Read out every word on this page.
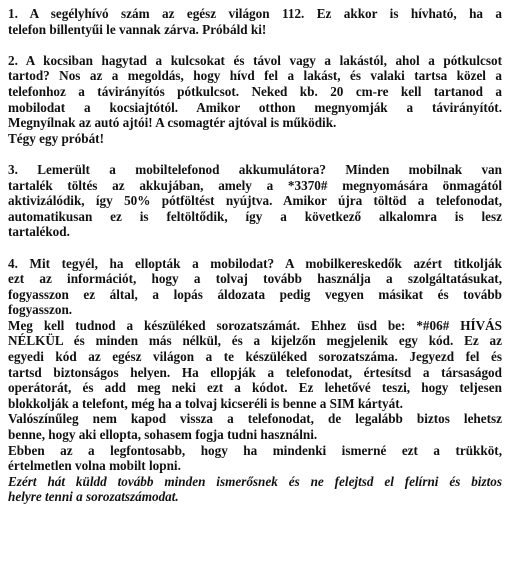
1. A segélyhívó szám az egész világon 112. Ez akkor is hívható, ha a
telefon billentyűi le vannak zárva. Próbáld ki!
2. A kocsiban hagytad a kulcsokat és távol vagy a lakástól, ahol a pótkulcsot
tartod? Nos az a megoldás, hogy hívd fel a lakást, és valaki tartsa közel a
telefonhoz a távirányítós pótkulcsot. Neked kb. 20 cm-re kell tartanod a
mobilodat a kocsiajtótól. Amikor otthon megnyomják a távirányítót.
Megnyílnak az autó ajtói! A csomagtér ajtóval is működik.
Tégy egy próbát!
3. Lemerült a mobiltelefonod akkumulátora? Minden mobilnak van
tartalék töltés az akkujában, amely a *3370# megnyomására önmagától
aktivizálódik, így 50% pótföltést nyújtva. Amikor újra töltöd a telefonodat,
automatikusan ez is feltöltődik, így a következő alkalomra is lesz
tartalékod.
4. Mit tegyél, ha ellopták a mobilodat? A mobilkereskedők azért titkolják
ezt az információt, hogy a tolvaj tovább használja a szolgáltatásukat,
fogyasszon ez által, a lopás áldozata pedig vegyen másikat és tovább
fogyasszon.
Meg kell tudnod a készüléked sorozatszámát. Ehhez üsd be: *#06# HÍVÁS
NÉLKÜL és minden más nélkül, és a kijelzőn megjelenik egy kód. Ez az
egyedi kód az egész világon a te készüléked sorozatszáma. Jegyezd fel és
tartsd biztonságos helyen. Ha ellopják a telefonodat, értesítsd a társaságod
operátorát, és add meg neki ezt a kódot. Ez lehetővé teszi, hogy teljesen
blokkolják a telefont, még ha a tolvaj kicseréli is benne a SIM kártyát.
Valószínűleg nem kapod vissza a telefonodat, de legalább biztos lehetsz
benne, hogy aki ellopta, sohasem fogja tudni használni.
Ebben az a legfontosabb, hogy ha mindenki ismerné ezt a trükköt,
értelmetlen volna mobilt lopni.
Ezért hát küldd tovább minden ismerősnek és ne felejtsd el felírni és biztos
helyre tenni a sorozatszámodat.
